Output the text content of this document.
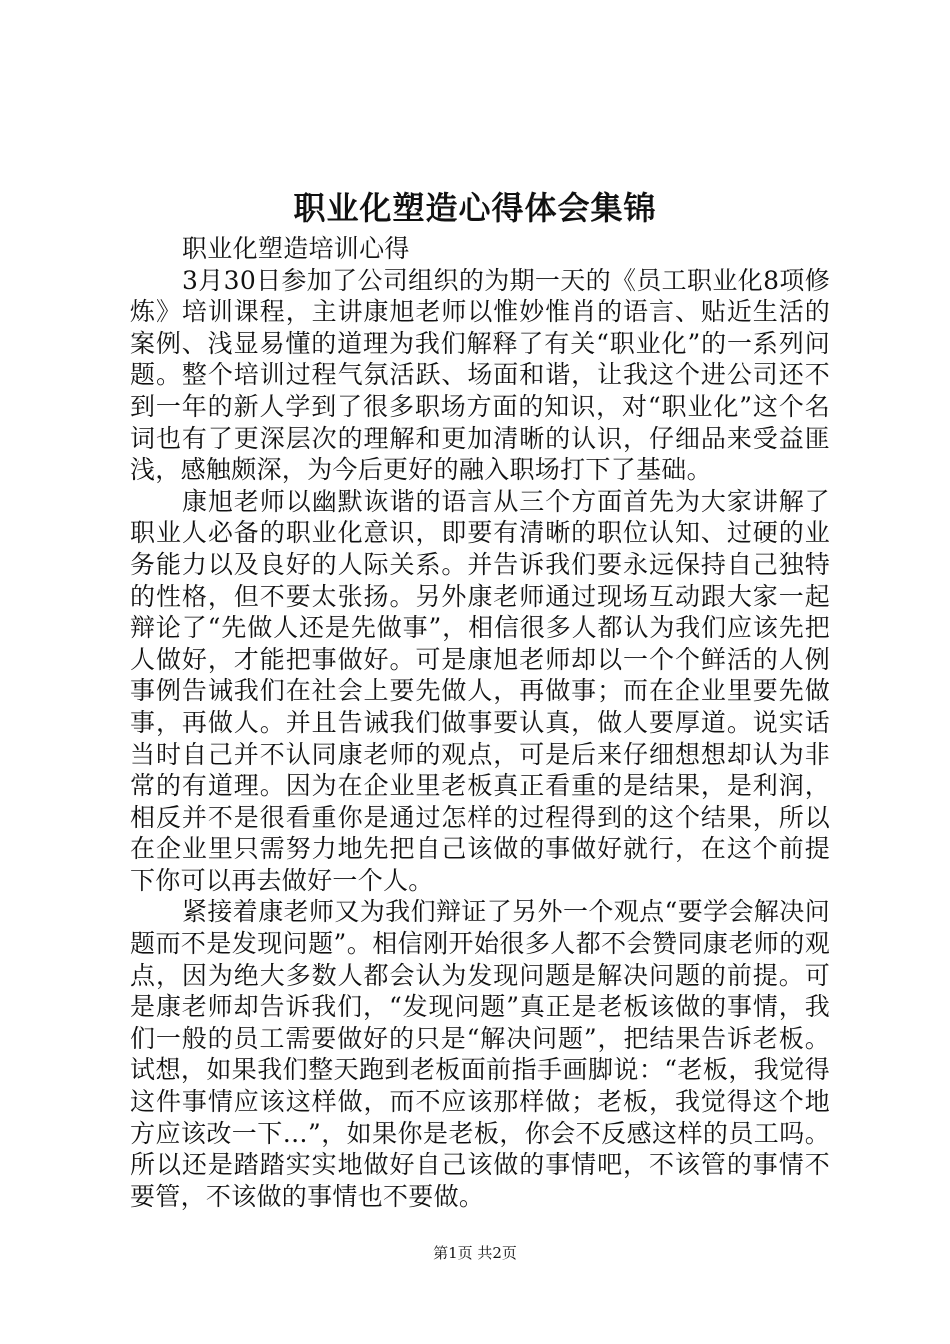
职业化塑造心得体会集锦

职业化塑造培训心得

3月30日参加了公司组织的为期一天的《员工职业化8项修炼》培训课程，主讲康旭老师以惟妙惟肖的语言、贴近生活的案例、浅显易懂的道理为我们解释了有关“职业化”的一系列问题。整个培训过程气氛活跃、场面和谐，让我这个进公司还不到一年的新人学到了很多职场方面的知识，对“职业化”这个名词也有了更深层次的理解和更加清晰的认识，仔细品来受益匪浅，感触颇深，为今后更好的融入职场打下了基础。

康旭老师以幽默诙谐的语言从三个方面首先为大家讲解了职业人必备的职业化意识，即要有清晰的职位认知、过硬的业务能力以及良好的人际关系。并告诉我们要永远保持自己独特的性格，但不要太张扬。另外康老师通过现场互动跟大家一起辩论了“先做人还是先做事”，相信很多人都认为我们应该先把人做好，才能把事做好。可是康旭老师却以一个个鲜活的人例事例告诫我们在社会上要先做人，再做事；而在企业里要先做事，再做人。并且告诫我们做事要认真，做人要厚道。说实话当时自己并不认同康老师的观点，可是后来仔细想想却认为非常的有道理。因为在企业里老板真正看重的是结果，是利润，相反并不是很看重你是通过怎样的过程得到的这个结果，所以在企业里只需努力地先把自己该做的事做好就行，在这个前提下你可以再去做好一个人。

紧接着康老师又为我们辩证了另外一个观点“要学会解决问题而不是发现问题”。相信刚开始很多人都不会赞同康老师的观点，因为绝大多数人都会认为发现问题是解决问题的前提。可是康老师却告诉我们，“发现问题”真正是老板该做的事情，我们一般的员工需要做好的只是“解决问题”，把结果告诉老板。试想，如果我们整天跑到老板面前指手画脚说：“老板，我觉得这件事情应该这样做，而不应该那样做；老板，我觉得这个地方应该改一下…”，如果你是老板，你会不反感这样的员工吗。所以还是踏踏实实地做好自己该做的事情吧，不该管的事情不要管，不该做的事情也不要做。

第1页 共2页
